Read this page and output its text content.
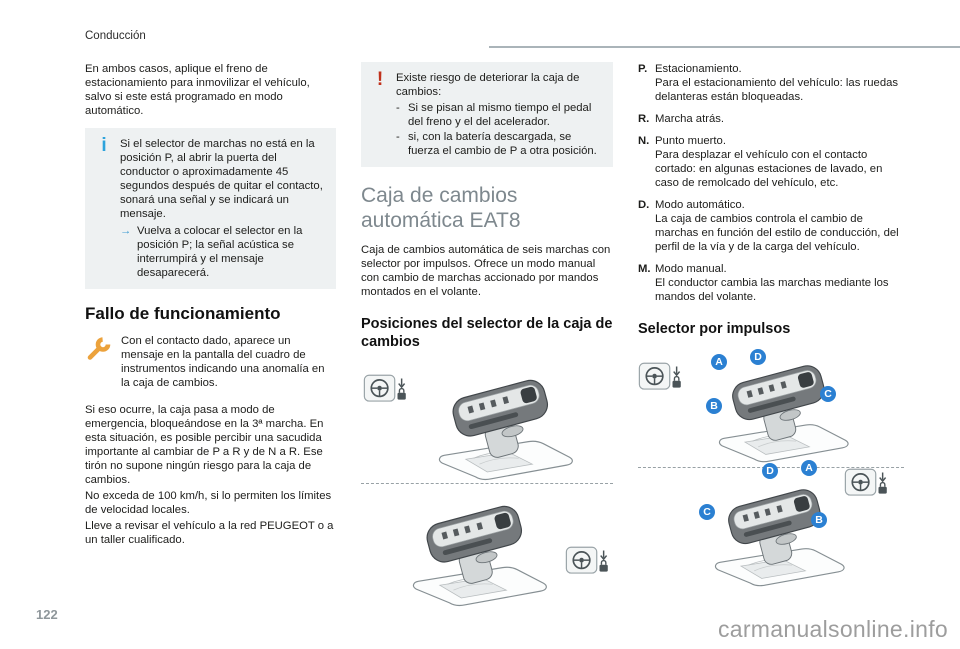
Conducción

En ambos casos, aplique el freno de estacionamiento para inmovilizar el vehículo, salvo si este está programado en modo automático.

i	Si el selector de marchas no está en la posición P, al abrir la puerta del conductor o aproximadamente 45 segundos después de quitar el contacto, sonará una señal y se indicará un mensaje.

→ Vuelva a colocar el selector en la posición P; la señal acústica se interrumpirá y el mensaje desaparecerá.
Fallo de funcionamiento

Con el contacto dado, aparece un mensaje en la pantalla del cuadro de instrumentos indicando una anomalía en la caja de cambios.

Si eso ocurre, la caja pasa a modo de emergencia, bloqueándose en la 3ª marcha. En esta situación, es posible percibir una sacudida importante al cambiar de P a R y de N a R. Ese tirón no supone ningún riesgo para la caja de cambios.

No exceda de 100 km/h, si lo permiten los límites de velocidad locales.

Lleve a revisar el vehículo a la red PEUGEOT o a un taller cualificado.

!	Existe riesgo de deteriorar la caja de cambios:

- Si se pisan al mismo tiempo el pedal del freno y el del acelerador.
- si, con la batería descargada, se fuerza el cambio de P a otra posición.
Caja de cambios automática EAT8

Caja de cambios automática de seis marchas con selector por impulsos. Ofrece un modo manual con cambio de marchas accionado por mandos montados en el volante.

Posiciones del selector de la caja de cambios
P. Estacionamiento.
Para el estacionamiento del vehículo: las ruedas delanteras están bloqueadas.
R. Marcha atrás.
N. Punto muerto.
Para desplazar el vehículo con el contacto cortado: en algunas estaciones de lavado, en caso de remolcado del vehículo, etc.
D. Modo automático.
La caja de cambios controla el cambio de marchas en función del estilo de conducción, del perfil de la vía y de la carga del vehículo.
M. Modo manual.
El conductor cambia las marchas mediante los mandos del volante.
Selector por impulsos
A	D
B
C
D	A
C
B
122
carmanualsonline.info
